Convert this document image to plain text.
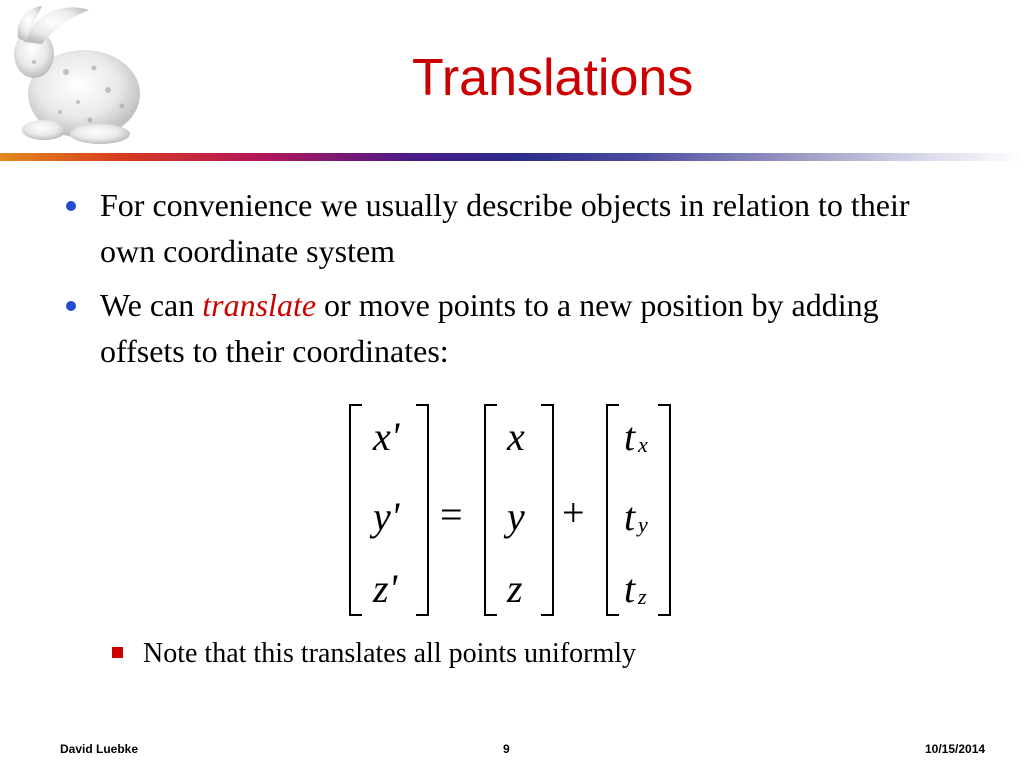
Translations
For convenience we usually describe objects in relation to their own coordinate system
We can translate or move points to a new position by adding offsets to their coordinates:
x'
y'
z'
x
y
z
t
t
t
x
y
z
= +
Note that this translates all points uniformly
David Luebke	9	10/15/2014
